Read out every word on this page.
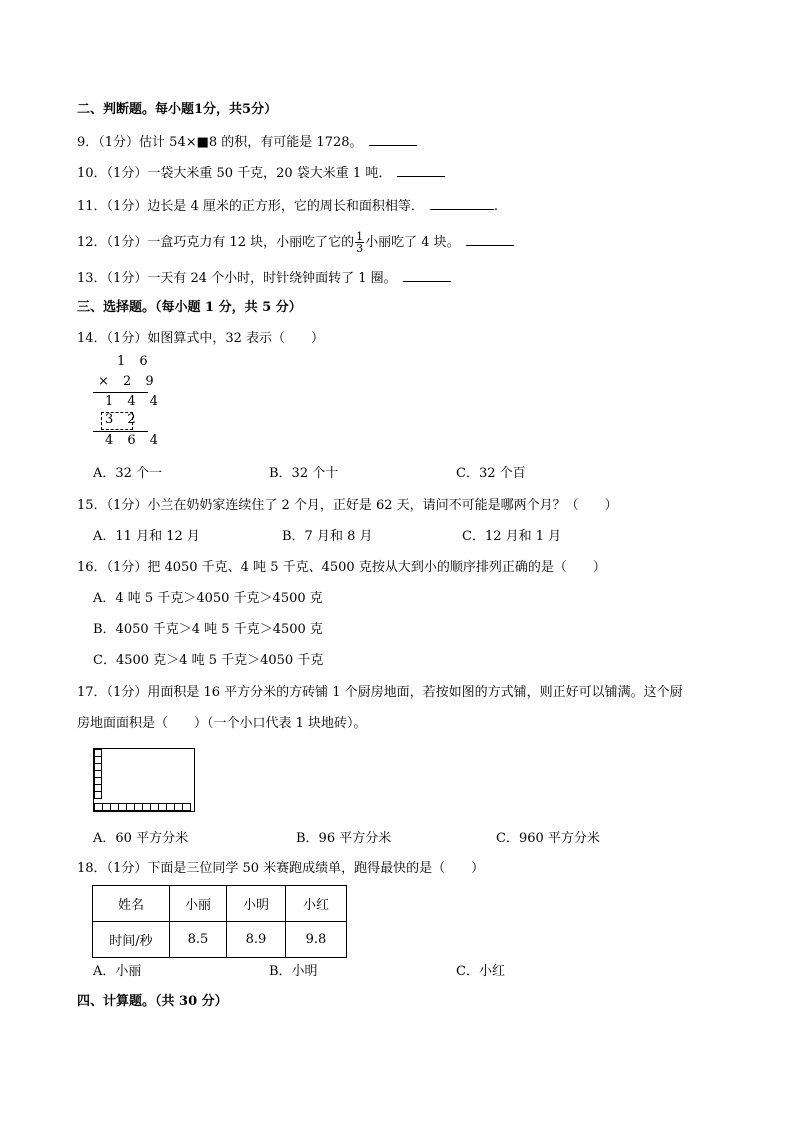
二、判断题。每小题1分，共5分）
9．（1分）估计 54×■8 的积，有可能是 1728。
10．（1分）一袋大米重 50 千克，20 袋大米重 1 吨．
11．（1分）边长是 4 厘米的正方形，它的周长和面积相等．	.
12．（1分）一盒巧克力有 12 块，小丽吃了它的 $\frac{1}{3}$ 小丽吃了 4 块。
13．（1分）一天有 24 个小时，时针绕钟面转了 1 圈。
三、选择题。（每小题 1 分，共 5 分）
14．（1分）如图算式中，32 表示（　　）
1 6
× 2 9
1 4 4
3 2
4 6 4
A．32 个一	B．32 个十	C．32 个百
15．（1分）小兰在奶奶家连续住了 2 个月，正好是 62 天，请问不可能是哪两个月？（　　）
A．11 月和 12 月	B．7 月和 8 月	C．12 月和 1 月
16．（1分）把 4050 千克、4 吨 5 千克、4500 克按从大到小的顺序排列正确的是（　　）
A．4 吨 5 千克＞4050 千克＞4500 克
B．4050 千克＞4 吨 5 千克＞4500 克
C．4500 克＞4 吨 5 千克＞4050 千克
17．（1分）用面积是 16 平方分米的方砖铺 1 个厨房地面，若按如图的方式铺，则正好可以铺满。这个厨
房地面面积是（　　）（一个小口代表 1 块地砖）。
A．60 平方分米	B．96 平方分米	C．960 平方分米
18．（1分）下面是三位同学 50 米赛跑成绩单，跑得最快的是（　　）
姓名	小丽	小明	小红
时间/秒	8.5	8.9	9.8
A．小丽	B．小明	C．小红
四、计算题。（共 30 分）
